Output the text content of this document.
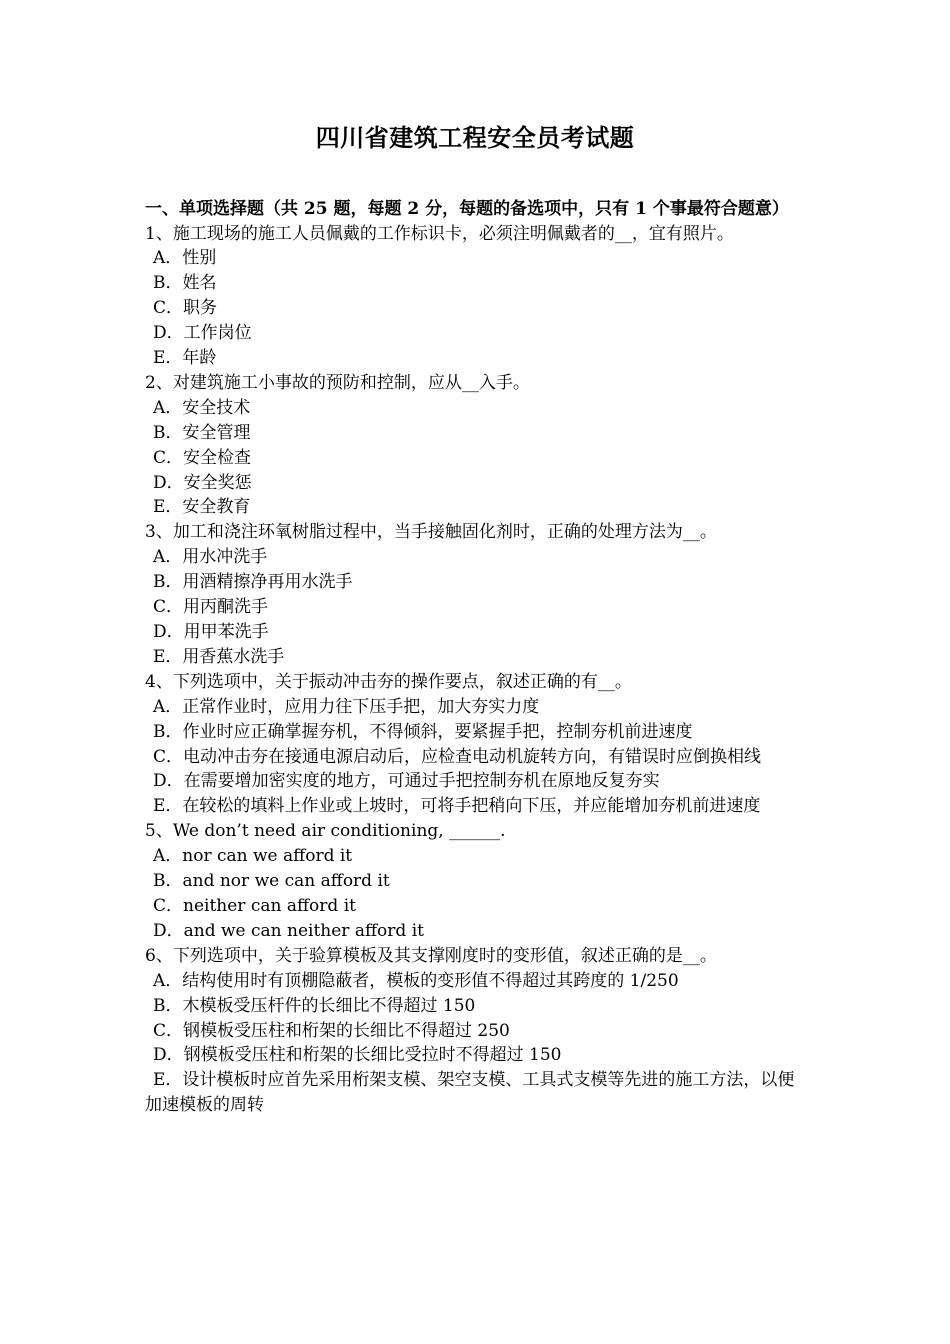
四川省建筑工程安全员考试题
一、单项选择题（共 25 题，每题 2 分，每题的备选项中，只有 1 个事最符合题意）
1、施工现场的施工人员佩戴的工作标识卡，必须注明佩戴者的__，宜有照片。
A．性别
B．姓名
C．职务
D．工作岗位
E．年龄
2、对建筑施工小事故的预防和控制，应从__入手。
A．安全技术
B．安全管理
C．安全检查
D．安全奖惩
E．安全教育
3、加工和浇注环氧树脂过程中，当手接触固化剂时，正确的处理方法为__。
A．用水冲洗手
B．用酒精擦净再用水洗手
C．用丙酮洗手
D．用甲苯洗手
E．用香蕉水洗手
4、下列选项中，关于振动冲击夯的操作要点，叙述正确的有__。
A．正常作业时，应用力往下压手把，加大夯实力度
B．作业时应正确掌握夯机，不得倾斜，要紧握手把，控制夯机前进速度
C．电动冲击夯在接通电源启动后，应检查电动机旋转方向，有错误时应倒换相线
D．在需要增加密实度的地方，可通过手把控制夯机在原地反复夯实
E．在较松的填料上作业或上坡时，可将手把稍向下压，并应能增加夯机前进速度
5、We don’t need air conditioning, ______.
A．nor can we afford it
B．and nor we can afford it
C．neither can afford it
D．and we can neither afford it
6、下列选项中，关于验算模板及其支撑刚度时的变形值，叙述正确的是__。
A．结构使用时有顶棚隐蔽者，模板的变形值不得超过其跨度的 1/250
B．木模板受压杆件的长细比不得超过 150
C．钢模板受压柱和桁架的长细比不得超过 250
D．钢模板受压柱和桁架的长细比受拉时不得超过 150
E．设计模板时应首先采用桁架支模、架空支模、工具式支模等先进的施工方法，以便加速模板的周转
